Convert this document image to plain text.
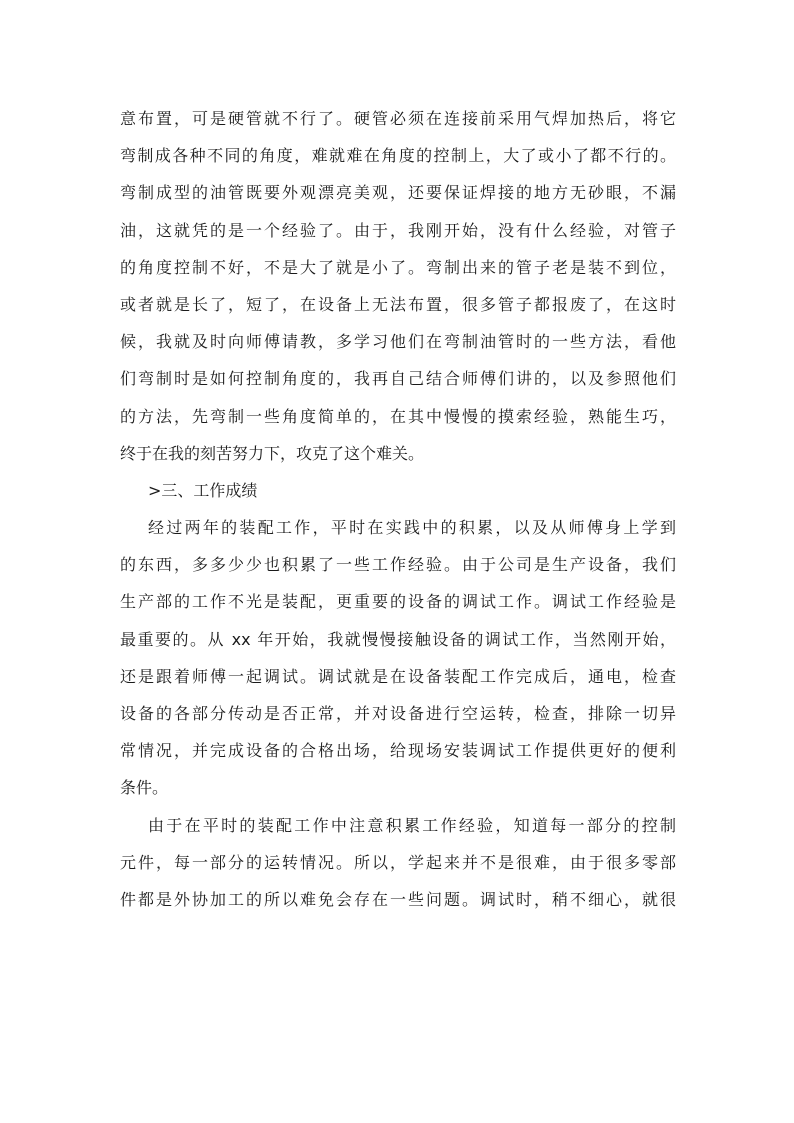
意布置，可是硬管就不行了。硬管必须在连接前采用气焊加热后，将它
弯制成各种不同的角度，难就难在角度的控制上，大了或小了都不行的。
弯制成型的油管既要外观漂亮美观，还要保证焊接的地方无砂眼，不漏
油，这就凭的是一个经验了。由于，我刚开始，没有什么经验，对管子
的角度控制不好，不是大了就是小了。弯制出来的管子老是装不到位，
或者就是长了，短了，在设备上无法布置，很多管子都报废了，在这时
候，我就及时向师傅请教，多学习他们在弯制油管时的一些方法，看他
们弯制时是如何控制角度的，我再自己结合师傅们讲的，以及参照他们
的方法，先弯制一些角度简单的，在其中慢慢的摸索经验，熟能生巧，
终于在我的刻苦努力下，攻克了这个难关。
>三、工作成绩
经过两年的装配工作，平时在实践中的积累，以及从师傅身上学到
的东西，多多少少也积累了一些工作经验。由于公司是生产设备，我们
生产部的工作不光是装配，更重要的设备的调试工作。调试工作经验是
最重要的。从 xx 年开始，我就慢慢接触设备的调试工作，当然刚开始，
还是跟着师傅一起调试。调试就是在设备装配工作完成后，通电，检查
设备的各部分传动是否正常，并对设备进行空运转，检查，排除一切异
常情况，并完成设备的合格出场，给现场安装调试工作提供更好的便利
条件。
由于在平时的装配工作中注意积累工作经验，知道每一部分的控制
元件，每一部分的运转情况。所以，学起来并不是很难，由于很多零部
件都是外协加工的所以难免会存在一些问题。调试时，稍不细心，就很
